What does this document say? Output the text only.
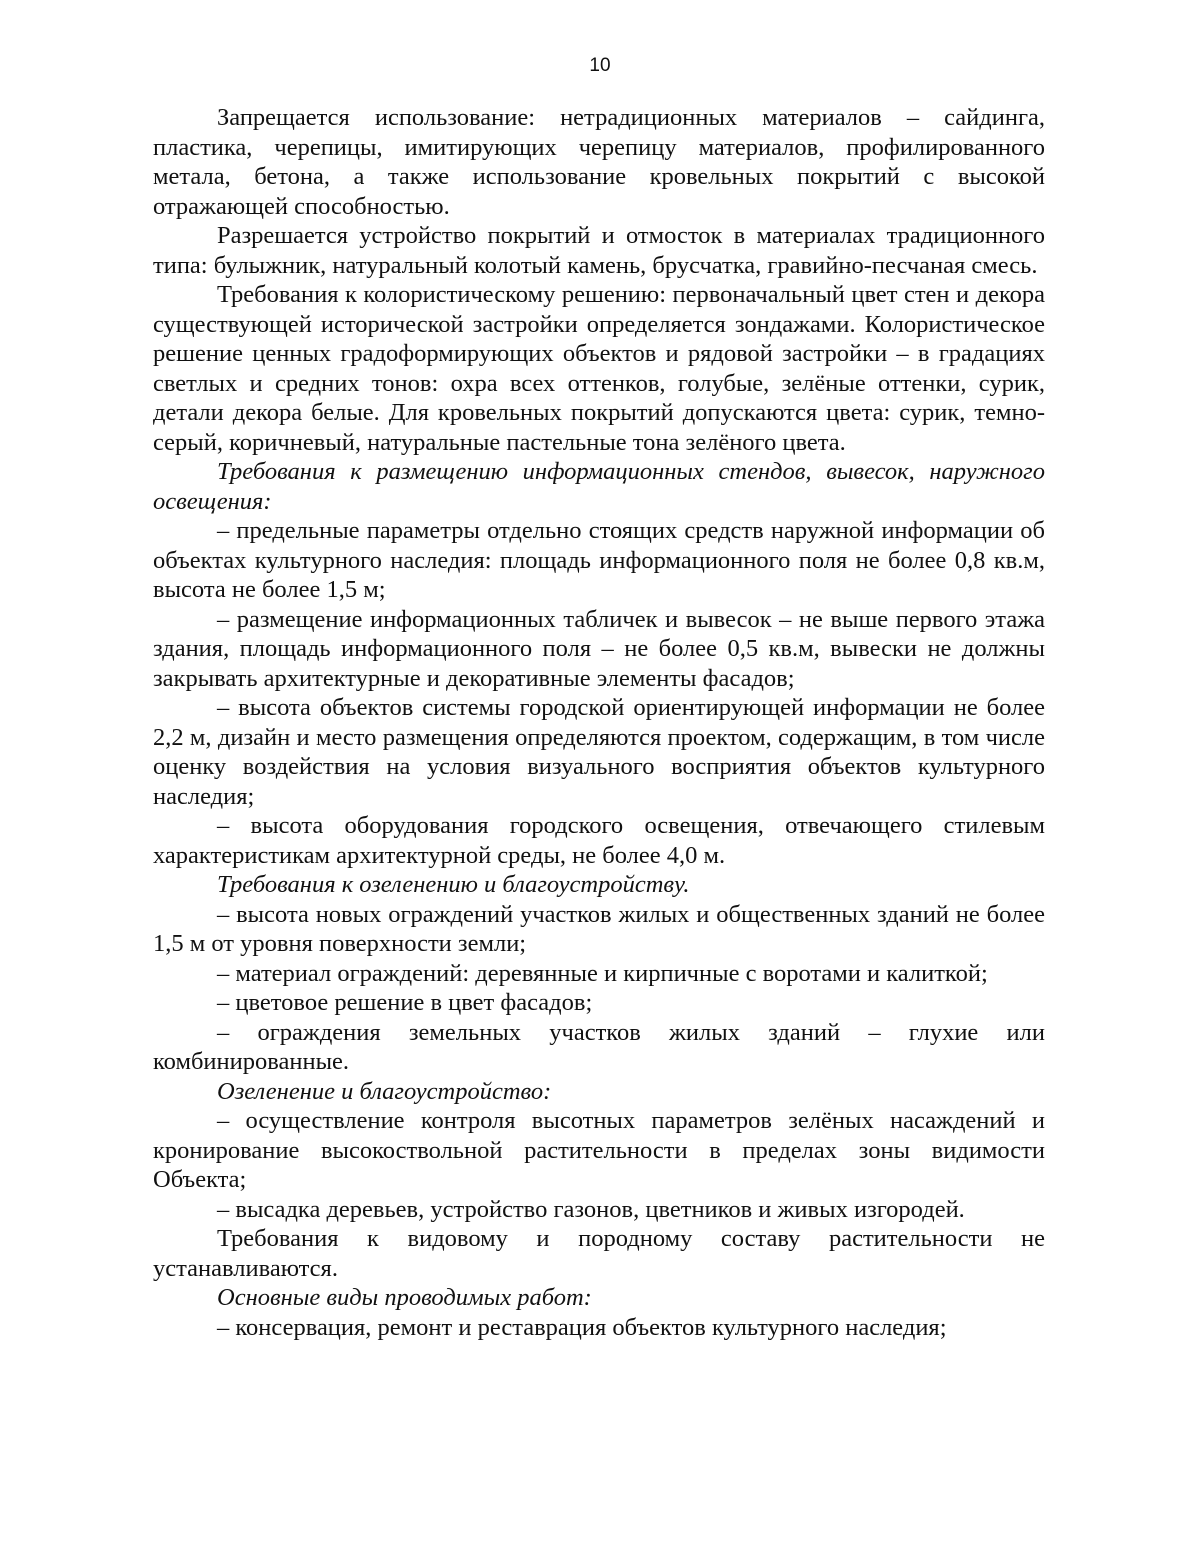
10

Запрещается использование: нетрадиционных материалов – сайдинга, пластика, черепицы, имитирующих черепицу материалов, профилированного метала, бетона, а также использование кровельных покрытий с высокой отражающей способностью.

Разрешается устройство покрытий и отмосток в материалах традиционного типа: булыжник, натуральный колотый камень, брусчатка, гравийно-песчаная смесь.

Требования к колористическому решению: первоначальный цвет стен и декора существующей исторической застройки определяется зондажами. Колористическое решение ценных градоформирующих объектов и рядовой застройки – в градациях светлых и средних тонов: охра всех оттенков, голубые, зелёные оттенки, сурик, детали декора белые. Для кровельных покрытий допускаются цвета: сурик, темно-серый, коричневый, натуральные пастельные тона зелёного цвета.

Требования к размещению информационных стендов, вывесок, наружного освещения:

– предельные параметры отдельно стоящих средств наружной информации об объектах культурного наследия: площадь информационного поля не более 0,8 кв.м, высота не более 1,5 м;

– размещение информационных табличек и вывесок – не выше первого этажа здания, площадь информационного поля – не более 0,5 кв.м, вывески не должны закрывать архитектурные и декоративные элементы фасадов;

– высота объектов системы городской ориентирующей информации не более 2,2 м, дизайн и место размещения определяются проектом, содержащим, в том числе оценку воздействия на условия визуального восприятия объектов культурного наследия;

– высота оборудования городского освещения, отвечающего стилевым характеристикам архитектурной среды, не более 4,0 м.

Требования к озеленению и благоустройству.

– высота новых ограждений участков жилых и общественных зданий не более 1,5 м от уровня поверхности земли;

– материал ограждений: деревянные и кирпичные с воротами и калиткой;

– цветовое решение в цвет фасадов;

– ограждения земельных участков жилых зданий – глухие или комбинированные.

Озеленение и благоустройство:

– осуществление контроля высотных параметров зелёных насаждений и кронирование высокоствольной растительности в пределах зоны видимости Объекта;

– высадка деревьев, устройство газонов, цветников и живых изгородей.

Требования к видовому и породному составу растительности не устанавливаются.

Основные виды проводимых работ:

– консервация, ремонт и реставрация объектов культурного наследия;
